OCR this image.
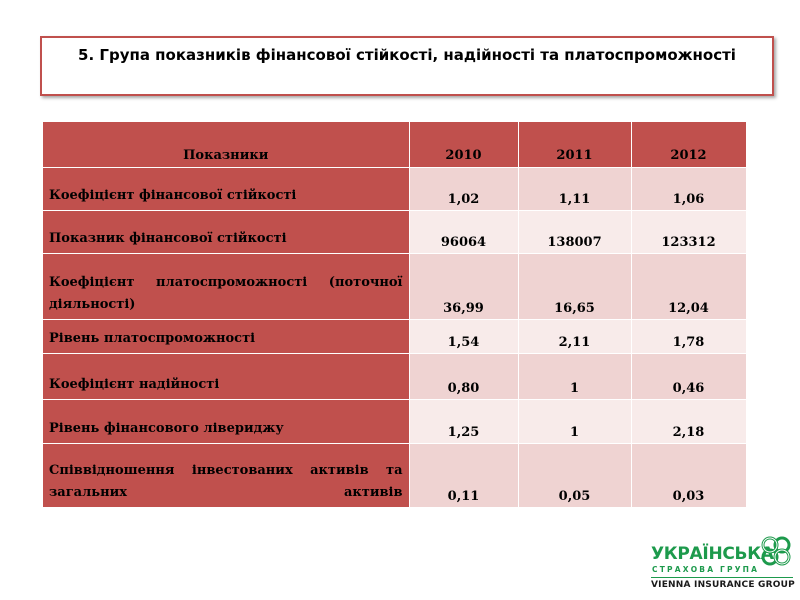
5. Група показників фінансової стійкості, надійності та платоспроможності
Показники	2010	2011	2012

Коефіцієнт фінансової стійкості	1,02	1,11	1,06

Показник фінансової стійкості	96064	138007	123312

Коефіцієнт платоспроможності (поточної діяльності)	36,99	16,65	12,04

Рівень платоспроможності	1,54	2,11	1,78

Коефіцієнт надійності	0,80	1	0,46

Рівень фінансового лівериджу	1,25	1	2,18

Співвідношення інвестованих активів та загальних активів	0,11	0,05	0,03
УКРАЇНСЬКА
СТРАХОВА ГРУПА
VIENNA INSURANCE GROUP
